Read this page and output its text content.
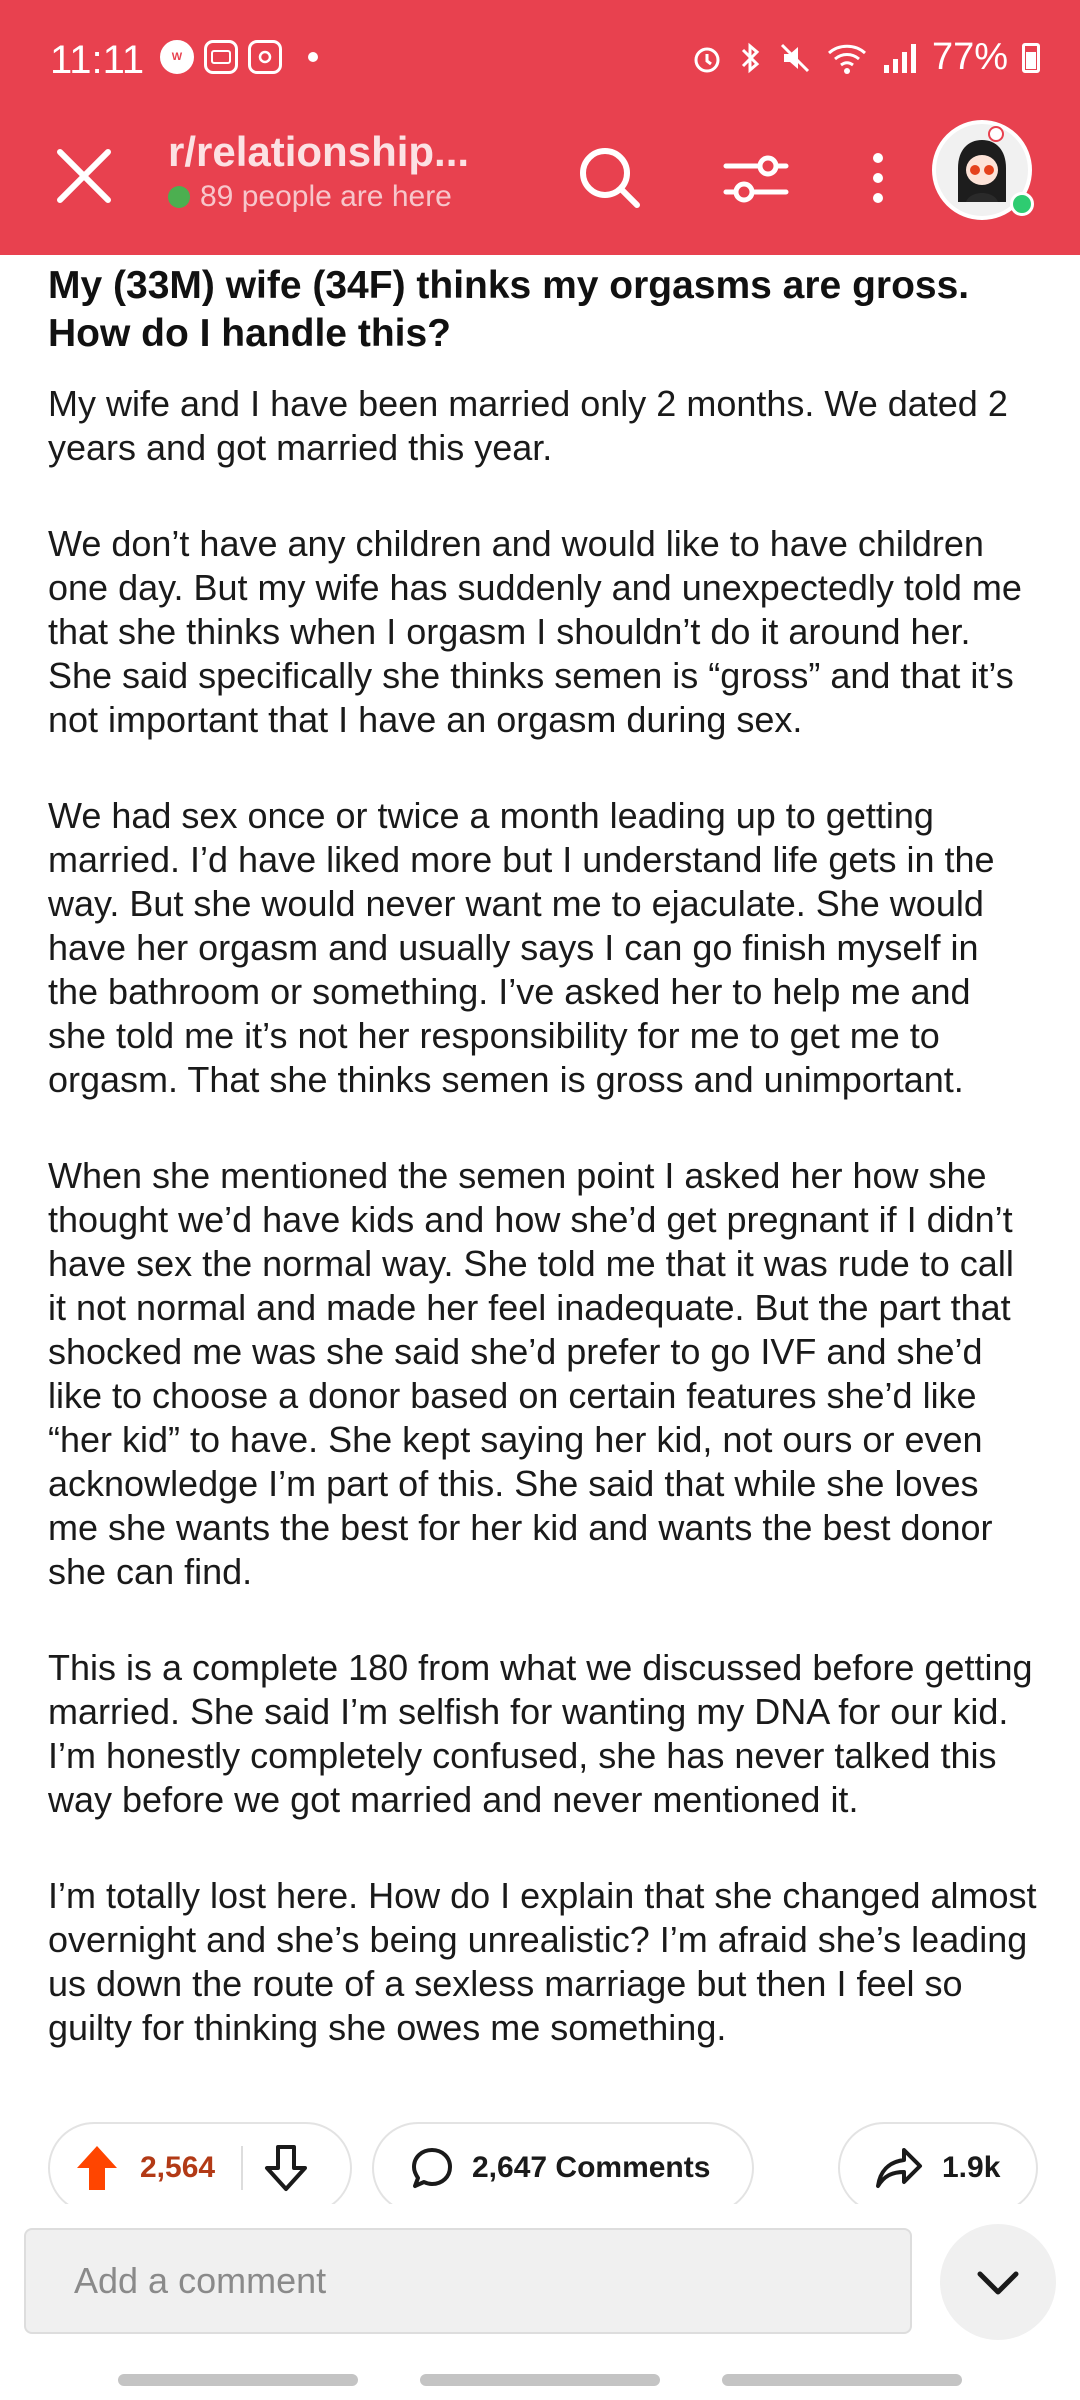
11:11	W	77%
r/relationship...
89 people are here
My (33M) wife (34F) thinks my orgasms are gross. How do I handle this?

My wife and I have been married only 2 months. We dated 2 years and got married this year.

We don’t have any children and would like to have children one day. But my wife has suddenly and unexpectedly told me that she thinks when I orgasm I shouldn’t do it around her. She said specifically she thinks semen is “gross” and that it’s not important that I have an orgasm during sex.

We had sex once or twice a month leading up to getting married. I’d have liked more but I understand life gets in the way. But she would never want me to ejaculate. She would have her orgasm and usually says I can go finish myself in the bathroom or something. I’ve asked her to help me and she told me it’s not her responsibility for me to get me to orgasm. That she thinks semen is gross and unimportant.

When she mentioned the semen point I asked her how she thought we’d have kids and how she’d get pregnant if I didn’t have sex the normal way. She told me that it was rude to call it not normal and made her feel inadequate. But the part that shocked me was she said she’d prefer to go IVF and she’d like to choose a donor based on certain features she’d like “her kid” to have. She kept saying her kid, not ours or even acknowledge I’m part of this. She said that while she loves me she wants the best for her kid and wants the best donor she can find.

This is a complete 180 from what we discussed before getting married. She said I’m selfish for wanting my DNA for our kid. I’m honestly completely confused, she has never talked this way before we got married and never mentioned it.

I’m totally lost here. How do I explain that she changed almost overnight and she’s being unrealistic? I’m afraid she’s leading us down the route of a sexless marriage but then I feel so guilty for thinking she owes me something.

2,564	2,647 Comments	1.9k
Add a comment
